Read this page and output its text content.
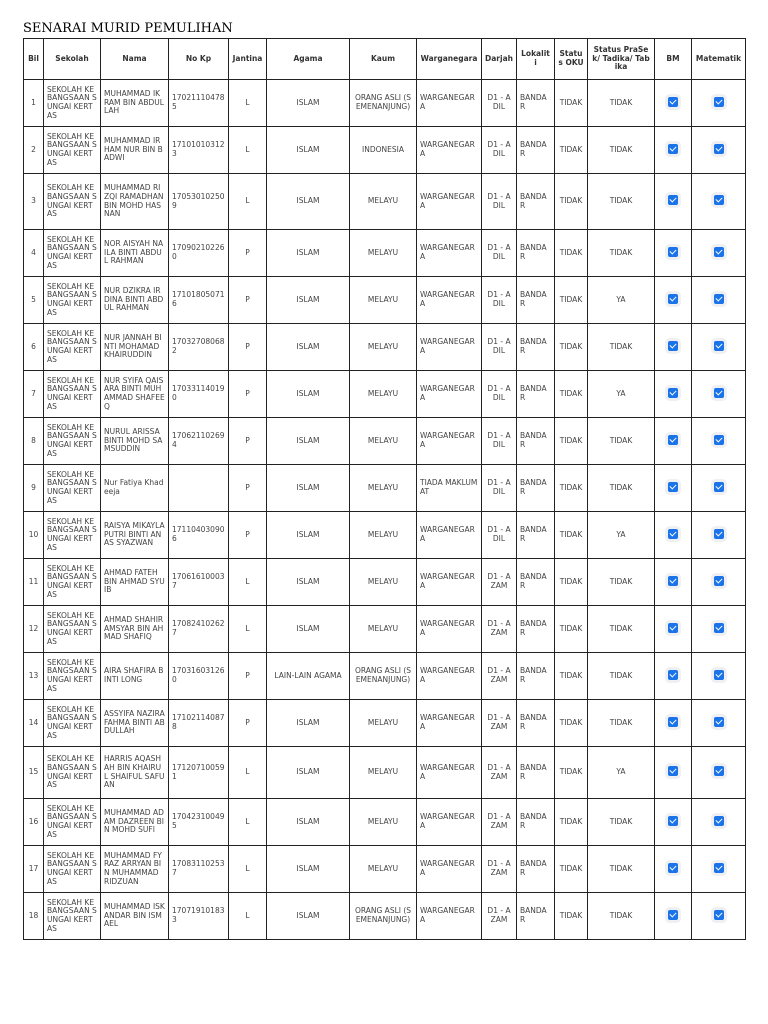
SENARAI MURID PEMULIHAN
Bil	Sekolah	Nama	No Kp	Jantina	Agama	Kaum	Warganegara	Darjah	Lokaliti	Status OKU	Status PraSek/ Tadika/ Tabika	BM	Matematik
1	SEKOLAH KEBANGSAAN SUNGAI KERTAS	MUHAMMAD IKRAM BIN ABDULLAH	170211104785	L	ISLAM	ORANG ASLI (SEMENANJUNG)	WARGANEGARA	D1 - ADIL	BANDAR	TIDAK	TIDAK		
2	SEKOLAH KEBANGSAAN SUNGAI KERTAS	MUHAMMAD IRHAM NUR BIN BADWI	171010103123	L	ISLAM	INDONESIA	WARGANEGARA	D1 - ADIL	BANDAR	TIDAK	TIDAK		
3	SEKOLAH KEBANGSAAN SUNGAI KERTAS	MUHAMMAD RIZQI RAMADHAN BIN MOHD HASNAN	170530102509	L	ISLAM	MELAYU	WARGANEGARA	D1 - ADIL	BANDAR	TIDAK	TIDAK		
4	SEKOLAH KEBANGSAAN SUNGAI KERTAS	NOR AISYAH NAILA BINTI ABDUL RAHMAN	170902102260	P	ISLAM	MELAYU	WARGANEGARA	D1 - ADIL	BANDAR	TIDAK	TIDAK		
5	SEKOLAH KEBANGSAAN SUNGAI KERTAS	NUR DZIKRA IRDINA BINTI ABDUL RAHMAN	171018050716	P	ISLAM	MELAYU	WARGANEGARA	D1 - ADIL	BANDAR	TIDAK	YA		
6	SEKOLAH KEBANGSAAN SUNGAI KERTAS	NUR JANNAH BINTI MOHAMAD KHAIRUDDIN	170327080682	P	ISLAM	MELAYU	WARGANEGARA	D1 - ADIL	BANDAR	TIDAK	TIDAK		
7	SEKOLAH KEBANGSAAN SUNGAI KERTAS	NUR SYIFA QAISARA BINTI MUHAMMAD SHAFEEQ	170331140190	P	ISLAM	MELAYU	WARGANEGARA	D1 - ADIL	BANDAR	TIDAK	YA		
8	SEKOLAH KEBANGSAAN SUNGAI KERTAS	NURUL ARISSA BINTI MOHD SAMSUDDIN	170621102694	P	ISLAM	MELAYU	WARGANEGARA	D1 - ADIL	BANDAR	TIDAK	TIDAK		
9	SEKOLAH KEBANGSAAN SUNGAI KERTAS	Nur Fatiya Khadeeja		P	ISLAM	MELAYU	TIADA MAKLUMAT	D1 - ADIL	BANDAR	TIDAK	TIDAK		
10	SEKOLAH KEBANGSAAN SUNGAI KERTAS	RAISYA MIKAYLA PUTRI BINTI ANAS SYAZWAN	171104030906	P	ISLAM	MELAYU	WARGANEGARA	D1 - ADIL	BANDAR	TIDAK	YA		
11	SEKOLAH KEBANGSAAN SUNGAI KERTAS	AHMAD FATEH BIN AHMAD SYUIB	170616100037	L	ISLAM	MELAYU	WARGANEGARA	D1 - AZAM	BANDAR	TIDAK	TIDAK		
12	SEKOLAH KEBANGSAAN SUNGAI KERTAS	AHMAD SHAHIR AMSYAR BIN AHMAD SHAFIQ	170824102627	L	ISLAM	MELAYU	WARGANEGARA	D1 - AZAM	BANDAR	TIDAK	TIDAK		
13	SEKOLAH KEBANGSAAN SUNGAI KERTAS	AIRA SHAFIRA BINTI LONG	170316031260	P	LAIN-LAIN AGAMA	ORANG ASLI (SEMENANJUNG)	WARGANEGARA	D1 - AZAM	BANDAR	TIDAK	TIDAK		
14	SEKOLAH KEBANGSAAN SUNGAI KERTAS	ASSYIFA NAZIRA FAHMA BINTI ABDULLAH	171021140878	P	ISLAM	MELAYU	WARGANEGARA	D1 - AZAM	BANDAR	TIDAK	TIDAK		
15	SEKOLAH KEBANGSAAN SUNGAI KERTAS	HARRIS AQASHAH BIN KHAIRUL SHAIFUL SAFUAN	171207100591	L	ISLAM	MELAYU	WARGANEGARA	D1 - AZAM	BANDAR	TIDAK	YA		
16	SEKOLAH KEBANGSAAN SUNGAI KERTAS	MUHAMMAD ADAM DAZREEN BIN MOHD SUFI	170423100495	L	ISLAM	MELAYU	WARGANEGARA	D1 - AZAM	BANDAR	TIDAK	TIDAK		
17	SEKOLAH KEBANGSAAN SUNGAI KERTAS	MUHAMMAD FYRAZ ARRYAN BIN MUHAMMAD RIDZUAN	170831102537	L	ISLAM	MELAYU	WARGANEGARA	D1 - AZAM	BANDAR	TIDAK	TIDAK		
18	SEKOLAH KEBANGSAAN SUNGAI KERTAS	MUHAMMAD ISKANDAR BIN ISMAEL	170719101833	L	ISLAM	ORANG ASLI (SEMENANJUNG)	WARGANEGARA	D1 - AZAM	BANDAR	TIDAK	TIDAK		
